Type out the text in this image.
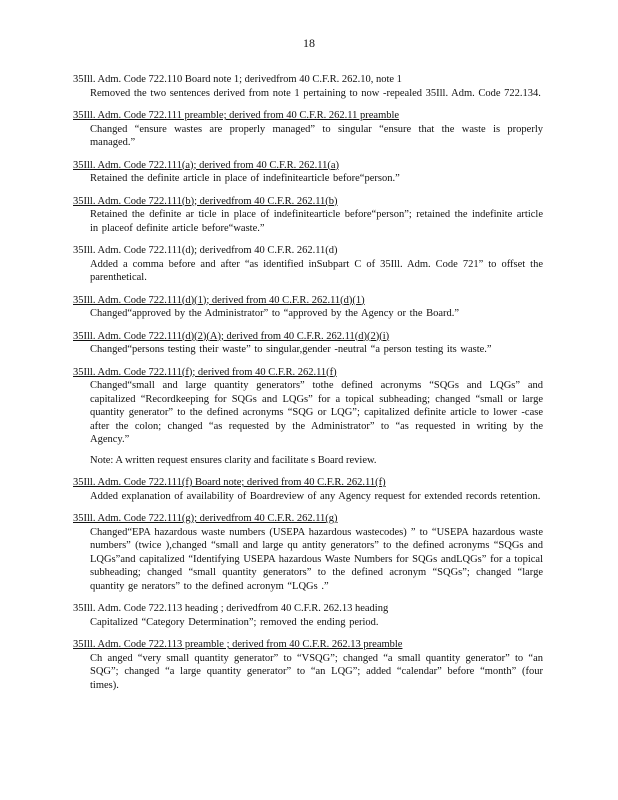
18
35Ill. Adm. Code 722.110 Board note 1; derivedfrom 40 C.F.R. 262.10, note 1
Removed the two sentences derived from note 1 pertaining to now -repealed 35Ill. Adm. Code 722.134.
35Ill. Adm. Code 722.111 preamble; derived from 40 C.F.R. 262.11 preamble
Changed “ensure wastes are properly managed” to singular “ensure that the waste is properly managed.”
35Ill. Adm. Code 722.111(a); derived from 40 C.F.R. 262.11(a)
Retained the definite article in place of indefinitearticle before“person.”
35Ill. Adm. Code 722.111(b); derivedfrom 40 C.F.R. 262.11(b)
Retained the definite ar ticle in place of indefinitearticle before“person”; retained the indefinite article in placeof definite article before“waste.”
35Ill. Adm. Code 722.111(d); derivedfrom 40 C.F.R. 262.11(d)
Added a comma before and after “as identified inSubpart C of 35Ill. Adm. Code 721” to offset the parenthetical.
35Ill. Adm. Code 722.111(d)(1); derived from 40 C.F.R. 262.11(d)(1)
Changed“approved by the Administrator” to “approved by the Agency or the Board.”
35Ill. Adm. Code 722.111(d)(2)(A); derived from 40 C.F.R. 262.11(d)(2)(i)
Changed“persons testing their waste” to singular,gender -neutral “a person testing its waste.”
35Ill. Adm. Code 722.111(f); derived from 40 C.F.R. 262.11(f)
Changed“small and large quantity generators” tothe defined acronyms “SQGs and LQGs” and capitalized “Recordkeeping for SQGs and LQGs” for a topical subheading; changed “small or large quantity generator” to the defined acronyms “SQG or LQG”; capitalized definite article to lower -case after the colon; changed “as requested by the Administrator” to “as requested in writing by the Agency.”
Note: A written request ensures clarity and facilitate s Board review.
35Ill. Adm. Code 722.111(f) Board note; derived from 40 C.F.R. 262.11(f)
Added explanation of availability of Boardreview of any Agency request for extended records retention.
35Ill. Adm. Code 722.111(g); derivedfrom 40 C.F.R. 262.11(g)
Changed“EPA hazardous waste numbers (USEPA hazardous wastecodes) ” to “USEPA hazardous waste numbers” (twice ),changed “small and large qu antity generators” to the defined acronyms “SQGs and LQGs”and capitalized “Identifying USEPA hazardous Waste Numbers for SQGs andLQGs” for a topical subheading; changed “small quantity generators” to the defined acronym “SQGs”; changed “large quantity ge nerators” to the defined acronym “LQGs .”
35Ill. Adm. Code 722.113 heading ; derivedfrom 40 C.F.R. 262.13 heading
Capitalized “Category Determination”; removed the ending period.
35Ill. Adm. Code 722.113 preamble ; derived from 40 C.F.R. 262.13 preamble
Ch anged “very small quantity generator” to “VSQG”; changed “a small quantity generator” to “an SQG”; changed “a large quantity generator” to “an LQG”; added “calendar” before “month” (four times).
